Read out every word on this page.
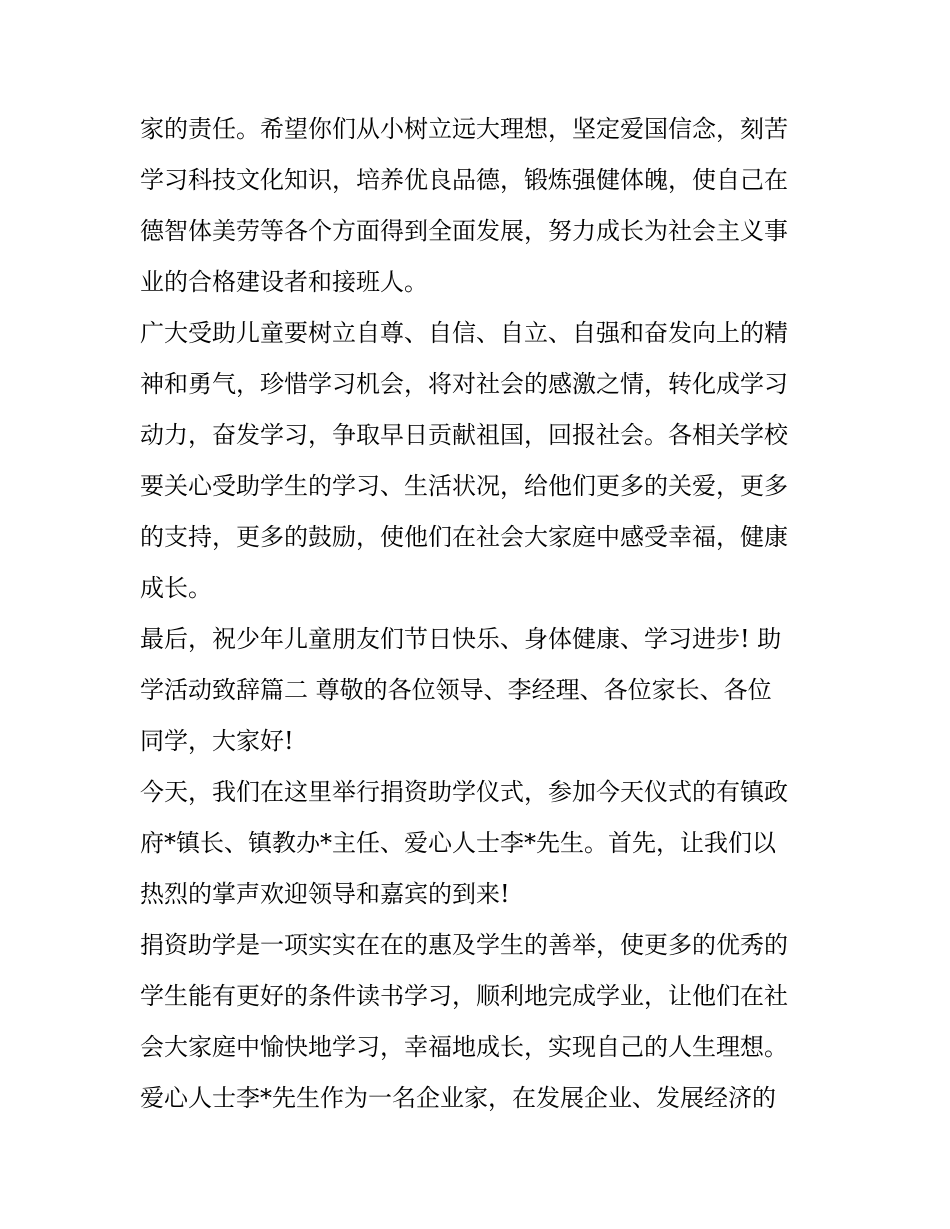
家的责任。希望你们从小树立远大理想，坚定爱国信念，刻苦
学习科技文化知识，培养优良品德，锻炼强健体魄，使自己在
德智体美劳等各个方面得到全面发展，努力成长为社会主义事
业的合格建设者和接班人。
广大受助儿童要树立自尊、自信、自立、自强和奋发向上的精
神和勇气，珍惜学习机会，将对社会的感激之情，转化成学习
动力，奋发学习，争取早日贡献祖国，回报社会。各相关学校
要关心受助学生的学习、生活状况，给他们更多的关爱，更多
的支持，更多的鼓励，使他们在社会大家庭中感受幸福，健康
成长。
最后，祝少年儿童朋友们节日快乐、身体健康、学习进步! 助
学活动致辞篇二 尊敬的各位领导、李经理、各位家长、各位
同学，大家好!
今天，我们在这里举行捐资助学仪式，参加今天仪式的有镇政
府*镇长、镇教办*主任、爱心人士李*先生。首先，让我们以
热烈的掌声欢迎领导和嘉宾的到来!
捐资助学是一项实实在在的惠及学生的善举，使更多的优秀的
学生能有更好的条件读书学习，顺利地完成学业，让他们在社
会大家庭中愉快地学习，幸福地成长，实现自己的人生理想。
爱心人士李*先生作为一名企业家，在发展企业、发展经济的
